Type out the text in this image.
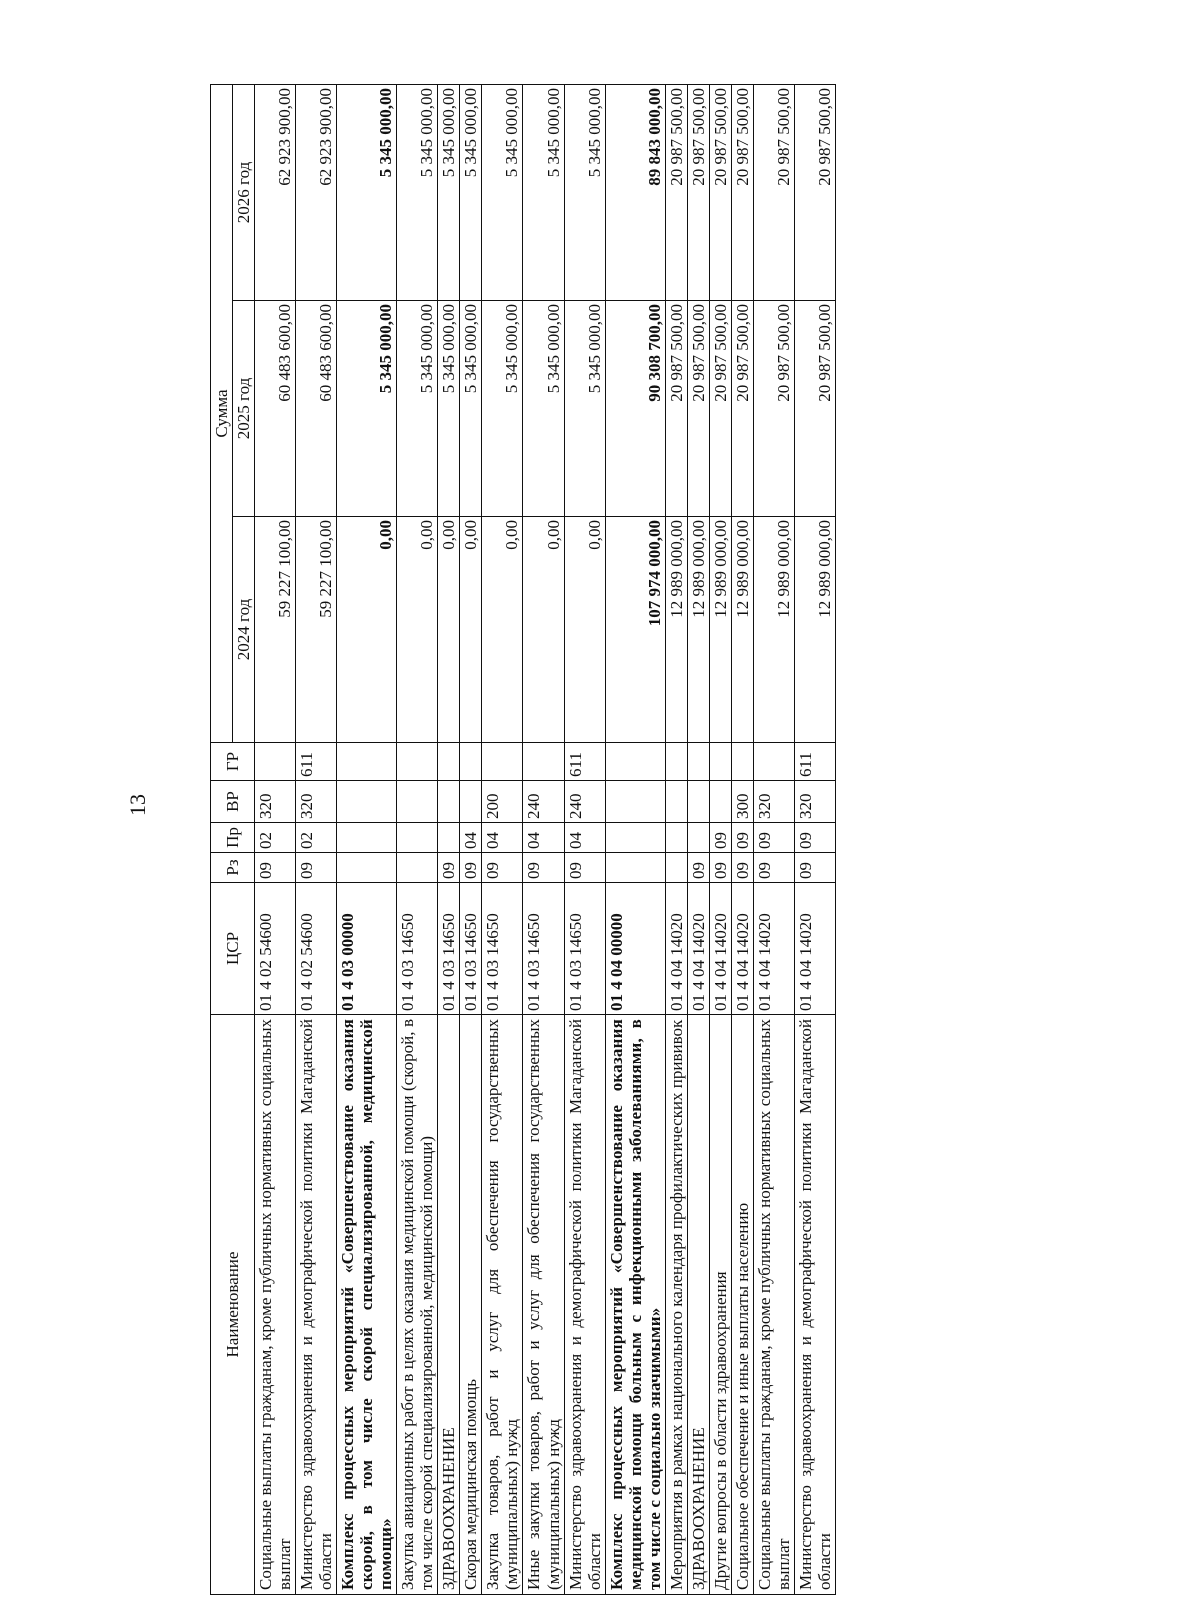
13
Наименование	ЦСР	Рз	Пр	ВР	ГР	Сумма		
						2024 год	2025 год	2026 год
Социальные выплаты гражданам, кроме публичных нормативных социальных выплат	01 4 02 54600	09	02	320		59 227 100,00	60 483 600,00	62 923 900,00
Министерство здравоохранения и демографической политики Магаданской области	01 4 02 54600	09	02	320	611	59 227 100,00	60 483 600,00	62 923 900,00
Комплекс процессных мероприятий «Совершенствование оказания скорой, в том числе скорой специализированной, медицинской помощи»	01 4 03 00000					0,00	5 345 000,00	5 345 000,00
Закупка авиационных работ в целях оказания медицинской помощи (скорой, в том числе скорой специализированной, медицинской помощи)	01 4 03 14650					0,00	5 345 000,00	5 345 000,00
ЗДРАВООХРАНЕНИЕ	01 4 03 14650	09				0,00	5 345 000,00	5 345 000,00
Скорая медицинская помощь	01 4 03 14650	09	04			0,00	5 345 000,00	5 345 000,00
Закупка товаров, работ и услуг для обеспечения государственных (муниципальных) нужд	01 4 03 14650	09	04	200		0,00	5 345 000,00	5 345 000,00
Иные закупки товаров, работ и услуг для обеспечения государственных (муниципальных) нужд	01 4 03 14650	09	04	240		0,00	5 345 000,00	5 345 000,00
Министерство здравоохранения и демографической политики Магаданской области	01 4 03 14650	09	04	240	611	0,00	5 345 000,00	5 345 000,00
Комплекс процессных мероприятий «Совершенствование оказания медицинской помощи больным с инфекционными заболеваниями, в том числе с социально значимыми»	01 4 04 00000					107 974 000,00	90 308 700,00	89 843 000,00
Мероприятия в рамках национального календаря профилактических прививок	01 4 04 14020					12 989 000,00	20 987 500,00	20 987 500,00
ЗДРАВООХРАНЕНИЕ	01 4 04 14020	09				12 989 000,00	20 987 500,00	20 987 500,00
Другие вопросы в области здравоохранения	01 4 04 14020	09	09			12 989 000,00	20 987 500,00	20 987 500,00
Социальное обеспечение и иные выплаты населению	01 4 04 14020	09	09	300		12 989 000,00	20 987 500,00	20 987 500,00
Социальные выплаты гражданам, кроме публичных нормативных социальных выплат	01 4 04 14020	09	09	320		12 989 000,00	20 987 500,00	20 987 500,00
Министерство здравоохранения и демографической политики Магаданской области	01 4 04 14020	09	09	320	611	12 989 000,00	20 987 500,00	20 987 500,00
